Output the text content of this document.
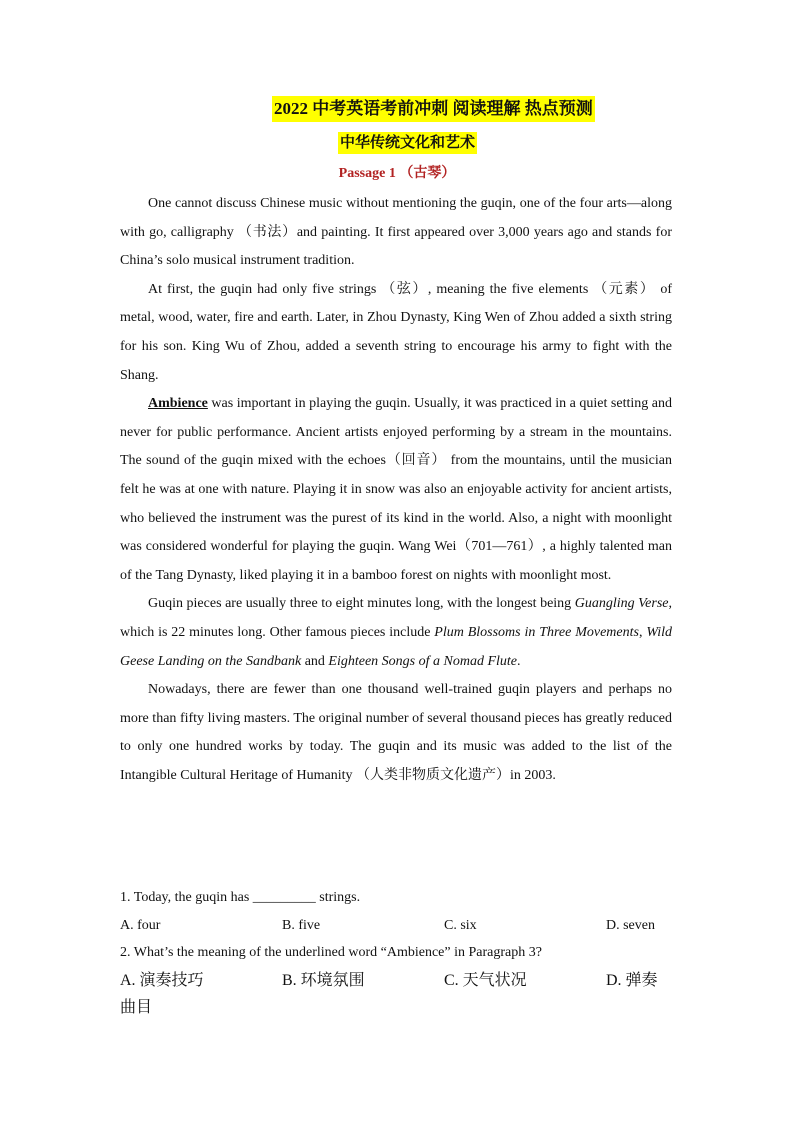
2022 中考英语考前冲刺 阅读理解 热点预测
中华传统文化和艺术
Passage 1 （古琴）

One cannot discuss Chinese music without mentioning the guqin, one of the four arts—along with go, calligraphy （书法）and painting. It first appeared over 3,000 years ago and stands for China’s solo musical instrument tradition.

At first, the guqin had only five strings （弦）, meaning the five elements （元素） of metal, wood, water, fire and earth. Later, in Zhou Dynasty, King Wen of Zhou added a sixth string for his son. King Wu of Zhou, added a seventh string to encourage his army to fight with the Shang.

Ambience was important in playing the guqin. Usually, it was practiced in a quiet setting and never for public performance. Ancient artists enjoyed performing by a stream in the mountains. The sound of the guqin mixed with the echoes（回音） from the mountains, until the musician felt he was at one with nature. Playing it in snow was also an enjoyable activity for ancient artists, who believed the instrument was the purest of its kind in the world. Also, a night with moonlight was considered wonderful for playing the guqin. Wang Wei（701—761）, a highly talented man of the Tang Dynasty, liked playing it in a bamboo forest on nights with moonlight most.

Guqin pieces are usually three to eight minutes long, with the longest being Guangling Verse, which is 22 minutes long. Other famous pieces include Plum Blossoms in Three Movements, Wild Geese Landing on the Sandbank and Eighteen Songs of a Nomad Flute.

Nowadays, there are fewer than one thousand well-trained guqin players and perhaps no more than fifty living masters. The original number of several thousand pieces has greatly reduced to only one hundred works by today. The guqin and its music was added to the list of the Intangible Cultural Heritage of Humanity （人类非物质文化遗产）in 2003.

1. Today, the guqin has _________ strings.

A. four	B. five	C. six	D. seven

2. What’s the meaning of the underlined word “Ambience” in Paragraph 3?

A. 演奏技巧	B. 环境氛围	C. 天气状况	D. 弹奏
曲目
